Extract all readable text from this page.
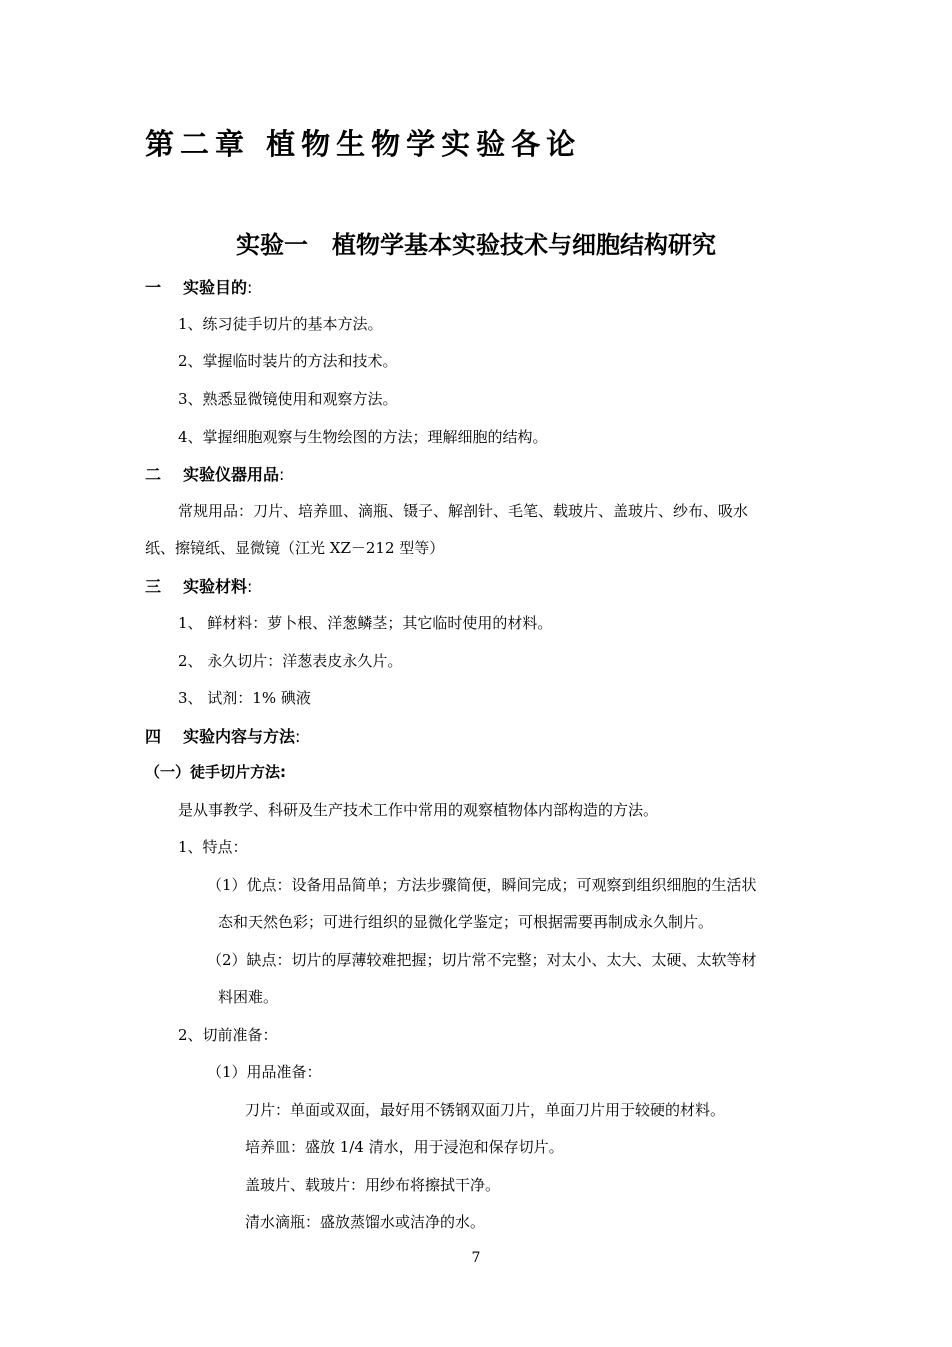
第二章 植物生物学实验各论
实验一　植物学基本实验技术与细胞结构研究
一 实验目的:
1、练习徒手切片的基本方法。
2、掌握临时装片的方法和技术。
3、熟悉显微镜使用和观察方法。
4、掌握细胞观察与生物绘图的方法；理解细胞的结构。
二 实验仪器用品:
常规用品：刀片、培养皿、滴瓶、镊子、解剖针、毛笔、载玻片、盖玻片、纱布、吸水
纸、擦镜纸、显微镜（江光 XZ－212 型等）
三 实验材料:
1、 鲜材料：萝卜根、洋葱鳞茎；其它临时使用的材料。
2、 永久切片：洋葱表皮永久片。
3、 试剂：1% 碘液
四 实验内容与方法:
（一）徒手切片方法:
是从事教学、科研及生产技术工作中常用的观察植物体内部构造的方法。
1、特点：
（1）优点：设备用品简单；方法步骤简便，瞬间完成；可观察到组织细胞的生活状
态和天然色彩；可进行组织的显微化学鉴定；可根据需要再制成永久制片。
（2）缺点：切片的厚薄较难把握；切片常不完整；对太小、太大、太硬、太软等材
料困难。
2、切前准备：
（1）用品准备：
刀片：单面或双面，最好用不锈钢双面刀片，单面刀片用于较硬的材料。
培养皿：盛放 1/4 清水，用于浸泡和保存切片。
盖玻片、载玻片：用纱布将擦拭干净。
清水滴瓶：盛放蒸馏水或洁净的水。
7
